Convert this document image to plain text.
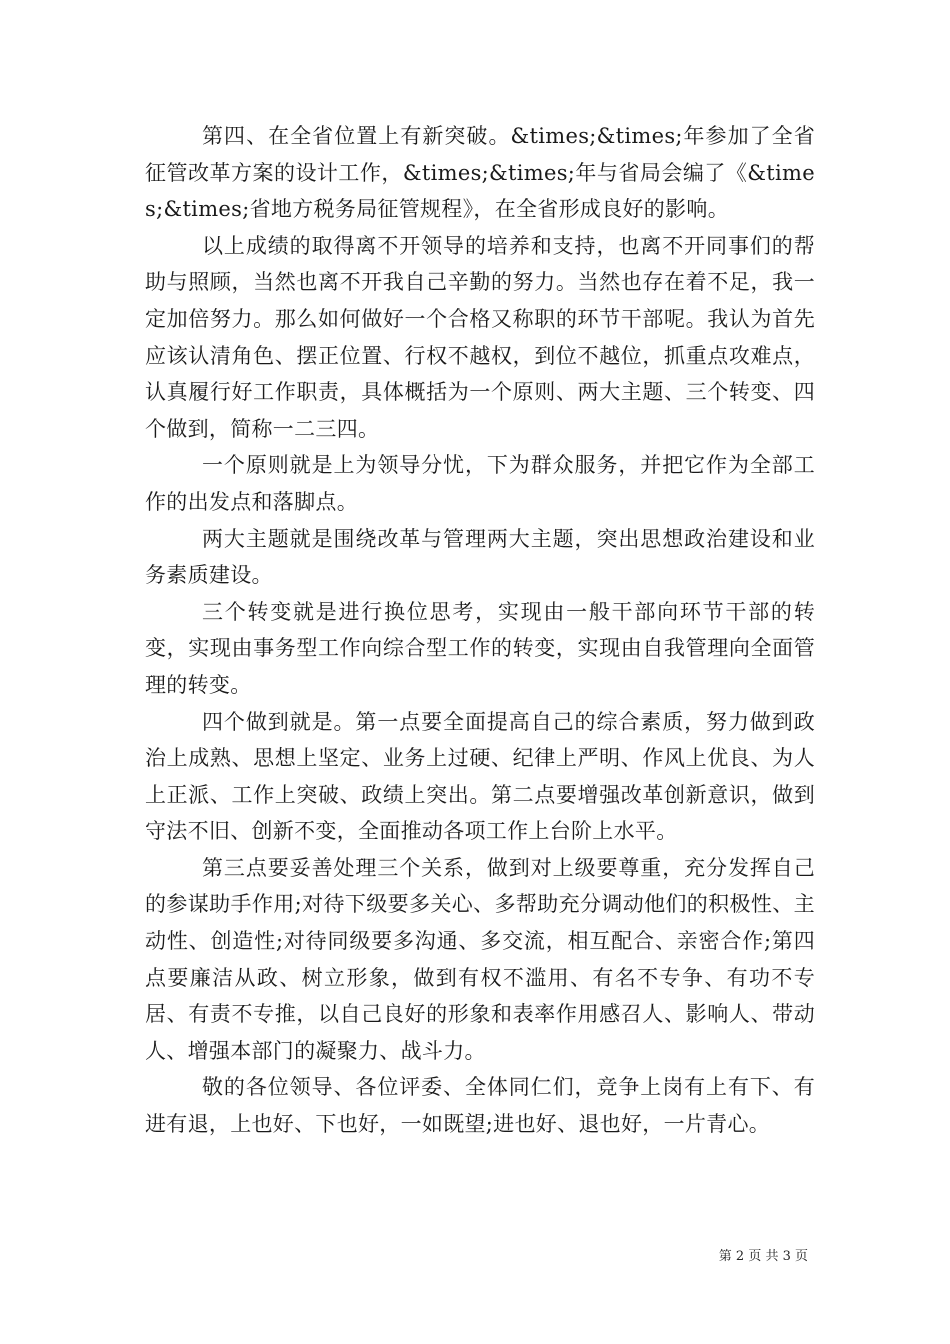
第四、在全省位置上有新突破。&times;&times;年参加了全省征管改革方案的设计工作，&times;&times;年与省局会编了《&times;&times;省地方税务局征管规程》，在全省形成良好的影响。

以上成绩的取得离不开领导的培养和支持，也离不开同事们的帮助与照顾，当然也离不开我自己辛勤的努力。当然也存在着不足，我一定加倍努力。那么如何做好一个合格又称职的环节干部呢。我认为首先应该认清角色、摆正位置、行权不越权，到位不越位，抓重点攻难点，认真履行好工作职责，具体概括为一个原则、两大主题、三个转变、四个做到，简称一二三四。

一个原则就是上为领导分忧，下为群众服务，并把它作为全部工作的出发点和落脚点。

两大主题就是围绕改革与管理两大主题，突出思想政治建设和业务素质建设。

三个转变就是进行换位思考，实现由一般干部向环节干部的转变，实现由事务型工作向综合型工作的转变，实现由自我管理向全面管理的转变。

四个做到就是。第一点要全面提高自己的综合素质，努力做到政治上成熟、思想上坚定、业务上过硬、纪律上严明、作风上优良、为人上正派、工作上突破、政绩上突出。第二点要增强改革创新意识，做到守法不旧、创新不变，全面推动各项工作上台阶上水平。

第三点要妥善处理三个关系，做到对上级要尊重，充分发挥自己的参谋助手作用;对待下级要多关心、多帮助充分调动他们的积极性、主动性、创造性;对待同级要多沟通、多交流，相互配合、亲密合作;第四点要廉洁从政、树立形象，做到有权不滥用、有名不专争、有功不专居、有责不专推，以自己良好的形象和表率作用感召人、影响人、带动人、增强本部门的凝聚力、战斗力。

敬的各位领导、各位评委、全体同仁们，竞争上岗有上有下、有进有退，上也好、下也好，一如既望;进也好、退也好，一片青心。

第 2 页 共 3 页
